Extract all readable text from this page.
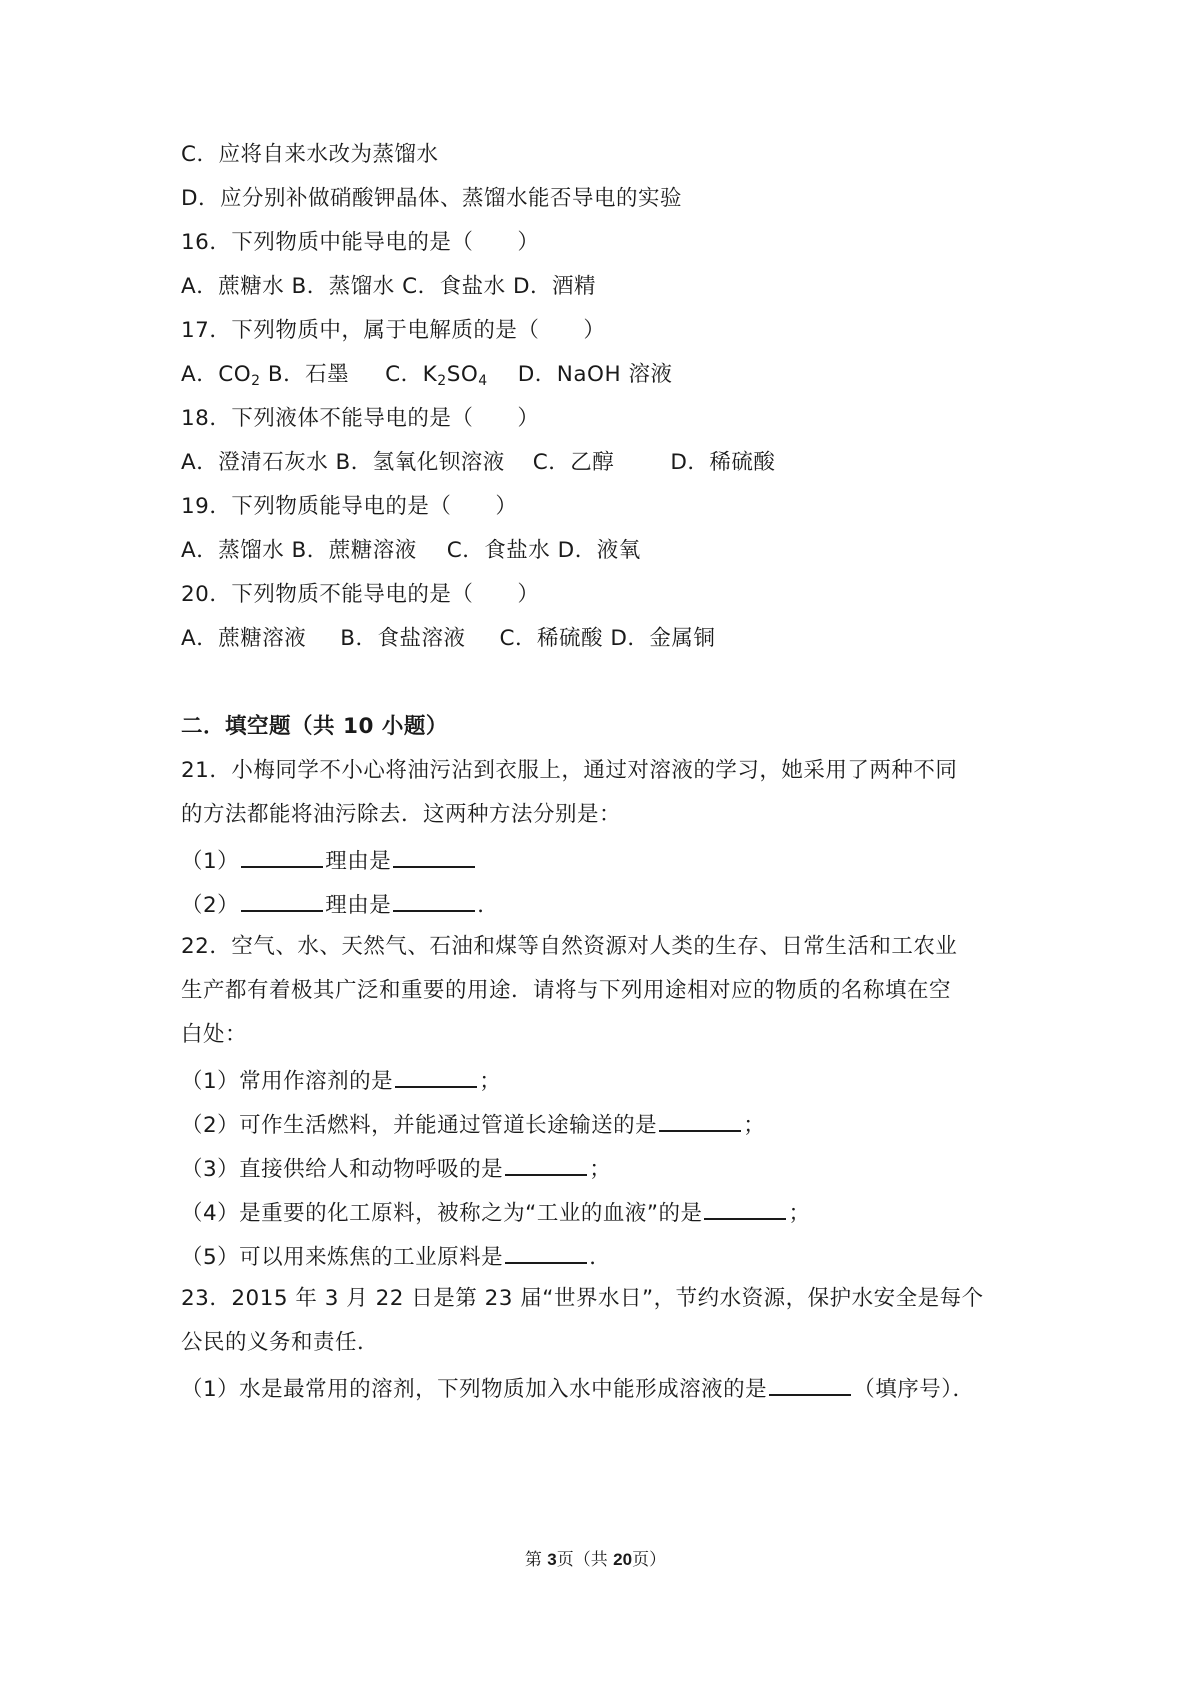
C．应将自来水改为蒸馏水
D．应分别补做硝酸钾晶体、蒸馏水能否导电的实验
16．下列物质中能导电的是（　　）
A．蔗糖水 B．蒸馏水 C．食盐水 D．酒精
17．下列物质中，属于电解质的是（　　）
A．$CO_2$ B．石墨 C．$K_2SO_4$ D．NaOH 溶液
18．下列液体不能导电的是（　　）
A．澄清石灰水 B．氢氧化钡溶液 C．乙醇	D．稀硫酸
19．下列物质能导电的是（　　）
A．蒸馏水 B．蔗糖溶液 C．食盐水 D．液氧
20．下列物质不能导电的是（　　）
A．蔗糖溶液 B．食盐溶液 C．稀硫酸 D．金属铜
二．填空题（共 10 小题）
21．小梅同学不小心将油污沾到衣服上，通过对溶液的学习，她采用了两种不同
的方法都能将油污除去．这两种方法分别是：
（1）	理由是
（2）	理由是	．
22．空气、水、天然气、石油和煤等自然资源对人类的生存、日常生活和工农业
生产都有着极其广泛和重要的用途．请将与下列用途相对应的物质的名称填在空
白处：
（1）常用作溶剂的是	；
（2）可作生活燃料，并能通过管道长途输送的是	；
（3）直接供给人和动物呼吸的是	；
（4）是重要的化工原料，被称之为“工业的血液”的是	；
（5）可以用来炼焦的工业原料是	．
23．2015 年 3 月 22 日是第 23 届“世界水日”，节约水资源，保护水安全是每个
公民的义务和责任．
（1）水是最常用的溶剂，下列物质加入水中能形成溶液的是	（填序号）．
第 3页（共 20页）
